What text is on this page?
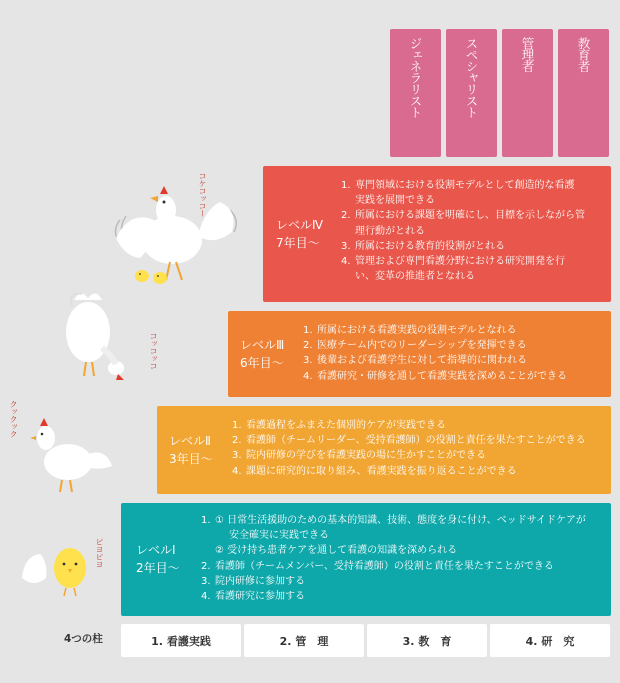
ジェネラリスト	スペシャリスト	管理者	教育者
レベルⅣ
7年目〜
1. 専門領域における役割モデルとして創造的な看護
実践を展開できる
2. 所属における課題を明確にし、目標を示しながら管
理行動がとれる
3. 所属における教育的役割がとれる
4. 管理および専門看護分野における研究開発を行
い、変革の推進者となれる
レベルⅢ
6年目〜
1. 所属における看護実践の役割モデルとなれる
2. 医療チーム内でのリーダーシップを発揮できる
3. 後輩および看護学生に対して指導的に関われる
4. 看護研究・研修を通して看護実践を深めることができる
レベルⅡ
3年目〜
1. 看護過程をふまえた個別的ケアが実践できる
2. 看護師（チームリーダー、受持看護師）の役割と責任を果たすことができる
3. 院内研修の学びを看護実践の場に生かすことができる
4. 課題に研究的に取り組み、看護実践を振り返ることができる
レベルⅠ
2年目〜
1. ① 日常生活援助のための基本的知識、技術、態度を身に付け、ベッドサイドケアが
安全確実に実践できる
② 受け持ち患者ケアを通して看護の知識を深められる
2. 看護師（チームメンバー、受持看護師）の役割と責任を果たすことができる
3. 院内研修に参加する
4. 看護研究に参加する
4つの柱	1. 看護実践	2. 管　理	3. 教　育	4. 研　究
コケコッコー
コッコッコ
クックック
ピヨピヨ
